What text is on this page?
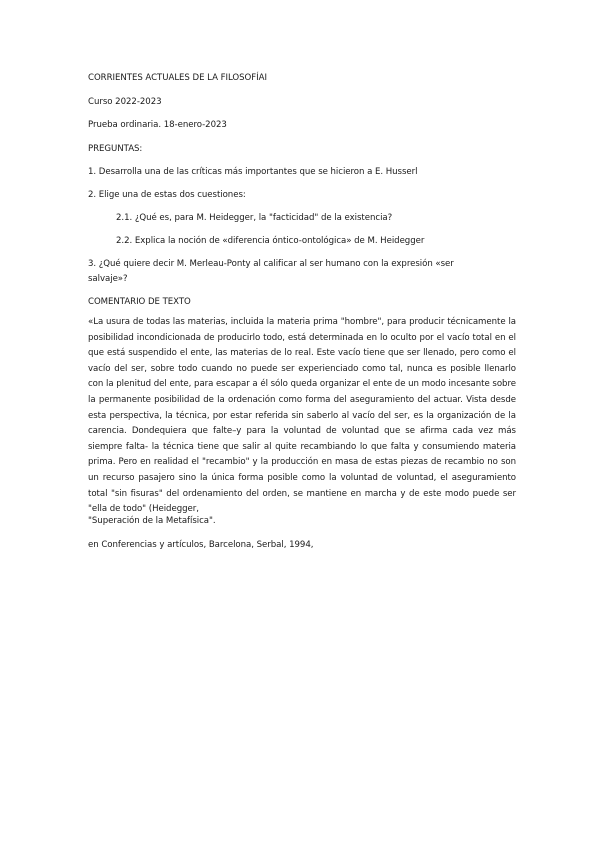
CORRIENTES ACTUALES DE LA FILOSOFÍAI
Curso 2022-2023
Prueba ordinaria. 18-enero-2023
PREGUNTAS:
1. Desarrolla una de las críticas más importantes que se hicieron a E. Husserl
2. Elige una de estas dos cuestiones:
2.1. ¿Qué es, para M. Heidegger, la "facticidad" de la existencia?
2.2. Explica la noción de «diferencia óntico-ontológica» de M. Heidegger
3. ¿Qué quiere decir M. Merleau-Ponty al calificar al ser humano con la expresión «ser
salvaje»?
COMENTARIO DE TEXTO
«La usura de todas las materias, incluida la materia prima "hombre", para producir técnicamente la posibilidad incondicionada de producirlo todo, está determinada en lo oculto por el vacío total en el que está suspendido el ente, las materias de lo real. Este vacío tiene que ser llenado, pero como el vacío del ser, sobre todo cuando no puede ser experienciado como tal, nunca es posible llenarlo con la plenitud del ente, para escapar a él sólo queda organizar el ente de un modo incesante sobre la permanente posibilidad de la ordenación como forma del aseguramiento del actuar. Vista desde esta perspectiva, la técnica, por estar referida sin saberlo al vacío del ser, es la organización de la carencia. Dondequiera que falte–y para la voluntad de voluntad que se afirma cada vez más siempre falta- la técnica tiene que salir al quite recambiando lo que falta y consumiendo materia prima. Pero en realidad el "recambio" y la producción en masa de estas piezas de recambio no son un recurso pasajero sino la única forma posible como la voluntad de voluntad, el aseguramiento total "sin fisuras" del ordenamiento del orden, se mantiene en marcha y de este modo puede ser "ella de todo" (Heidegger,
"Superación de la Metafísica".
en Conferencias y artículos, Barcelona, Serbal, 1994,
